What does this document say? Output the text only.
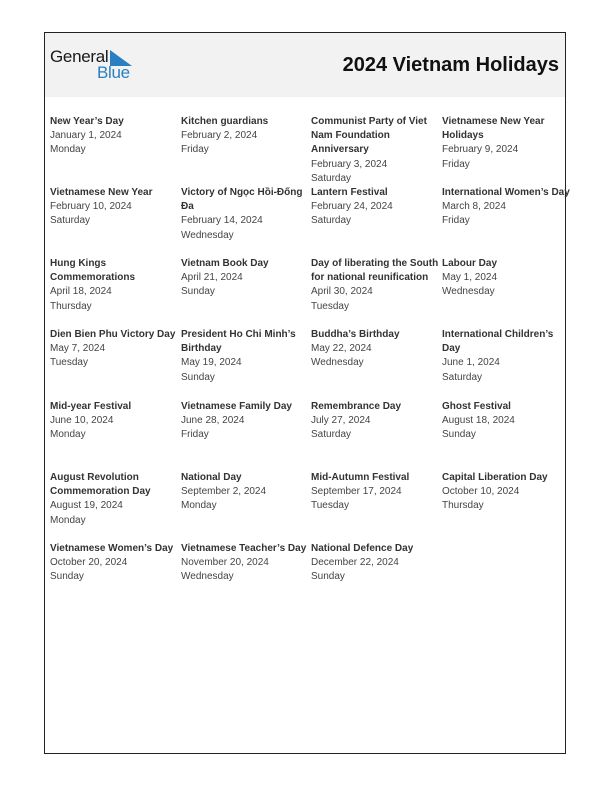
General
Blue	2024 Vietnam Holidays
New Year’s Day
January 1, 2024
Monday
Kitchen guardians
February 2, 2024
Friday
Communist Party of Viet Nam Foundation Anniversary
February 3, 2024
Saturday
Vietnamese New Year Holidays
February 9, 2024
Friday
Vietnamese New Year
February 10, 2024
Saturday
Victory of Ngọc Hồi-Đống Đa
February 14, 2024
Wednesday
Lantern Festival
February 24, 2024
Saturday
International Women’s Day
March 8, 2024
Friday
Hung Kings Commemorations
April 18, 2024
Thursday
Vietnam Book Day
April 21, 2024
Sunday
Day of liberating the South for national reunification
April 30, 2024
Tuesday
Labour Day
May 1, 2024
Wednesday
Dien Bien Phu Victory Day
May 7, 2024
Tuesday
President Ho Chi Minh’s Birthday
May 19, 2024
Sunday
Buddha’s Birthday
May 22, 2024
Wednesday
International Children’s Day
June 1, 2024
Saturday
Mid-year Festival
June 10, 2024
Monday
Vietnamese Family Day
June 28, 2024
Friday
Remembrance Day
July 27, 2024
Saturday
Ghost Festival
August 18, 2024
Sunday
August Revolution Commemoration Day
August 19, 2024
Monday
National Day
September 2, 2024
Monday
Mid-Autumn Festival
September 17, 2024
Tuesday
Capital Liberation Day
October 10, 2024
Thursday
Vietnamese Women’s Day
October 20, 2024
Sunday
Vietnamese Teacher’s Day
November 20, 2024
Wednesday
National Defence Day
December 22, 2024
Sunday
